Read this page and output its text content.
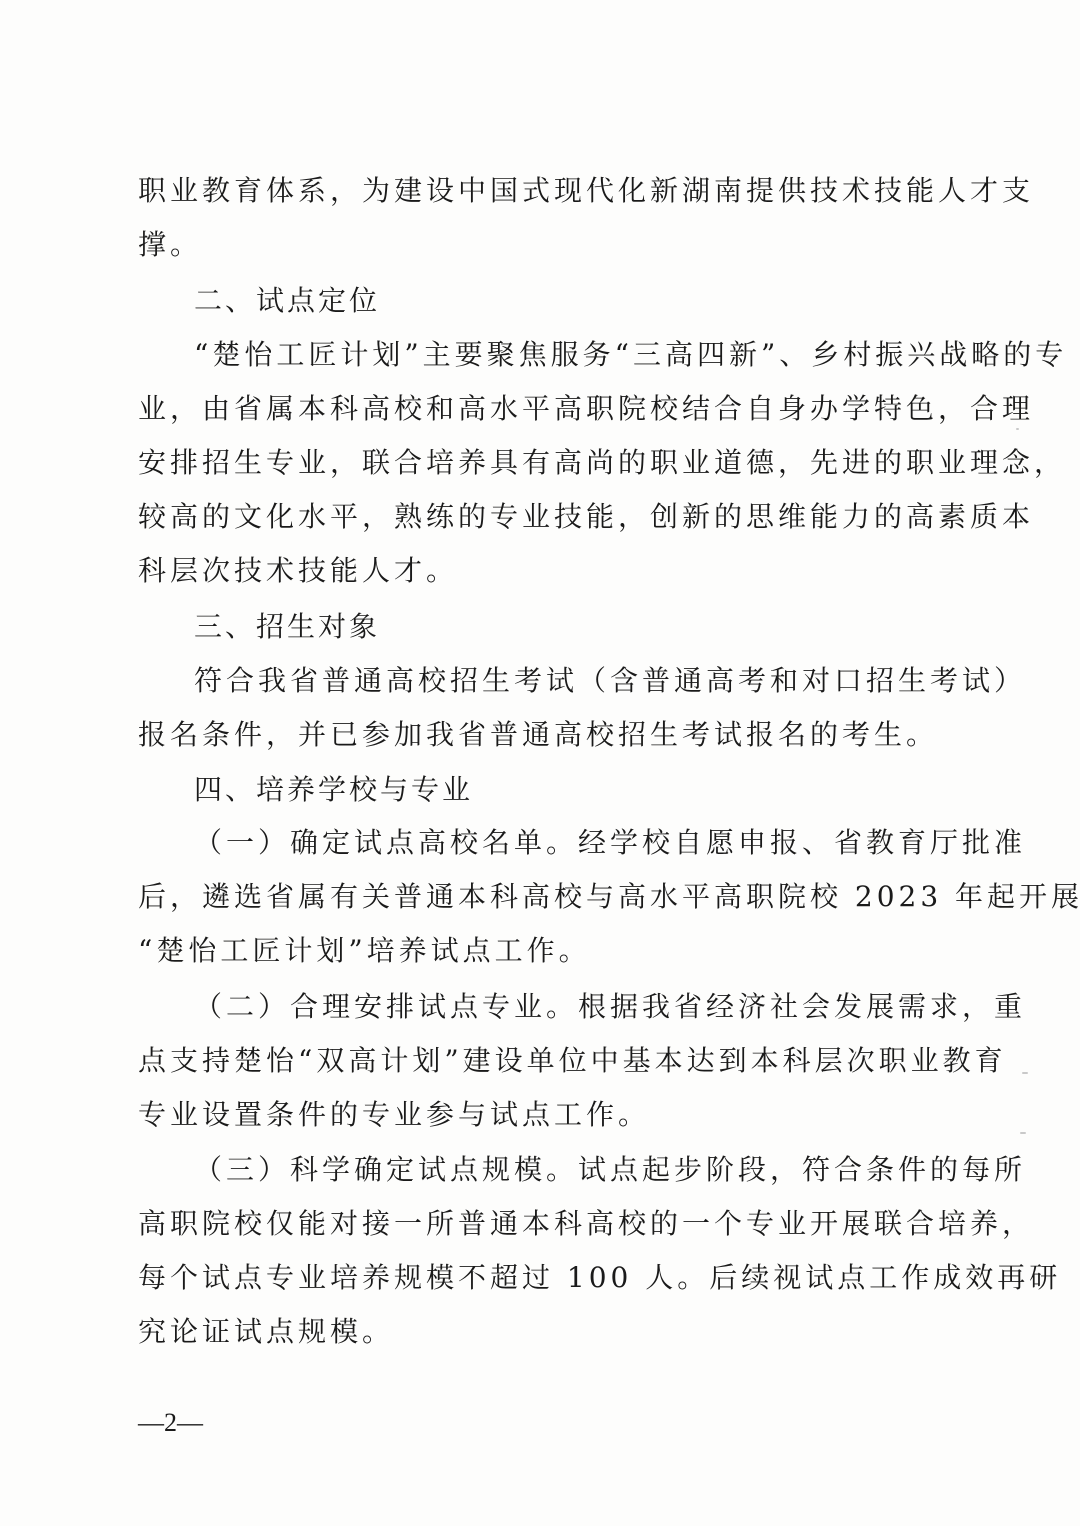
职业教育体系，为建设中国式现代化新湖南提供技术技能人才支
撑。
二、试点定位
“楚怡工匠计划”主要聚焦服务“三高四新”、乡村振兴战略的专
业，由省属本科高校和高水平高职院校结合自身办学特色，合理
安排招生专业，联合培养具有高尚的职业道德，先进的职业理念，
较高的文化水平，熟练的专业技能，创新的思维能力的高素质本
科层次技术技能人才。
三、招生对象
符合我省普通高校招生考试（含普通高考和对口招生考试）
报名条件，并已参加我省普通高校招生考试报名的考生。
四、培养学校与专业
（一）确定试点高校名单。经学校自愿申报、省教育厅批准
后，遴选省属有关普通本科高校与高水平高职院校 2023 年起开展
“楚怡工匠计划”培养试点工作。
（二）合理安排试点专业。根据我省经济社会发展需求，重
点支持楚怡“双高计划”建设单位中基本达到本科层次职业教育
专业设置条件的专业参与试点工作。
（三）科学确定试点规模。试点起步阶段，符合条件的每所
高职院校仅能对接一所普通本科高校的一个专业开展联合培养，
每个试点专业培养规模不超过 100 人。后续视试点工作成效再研
究论证试点规模。
—2—
